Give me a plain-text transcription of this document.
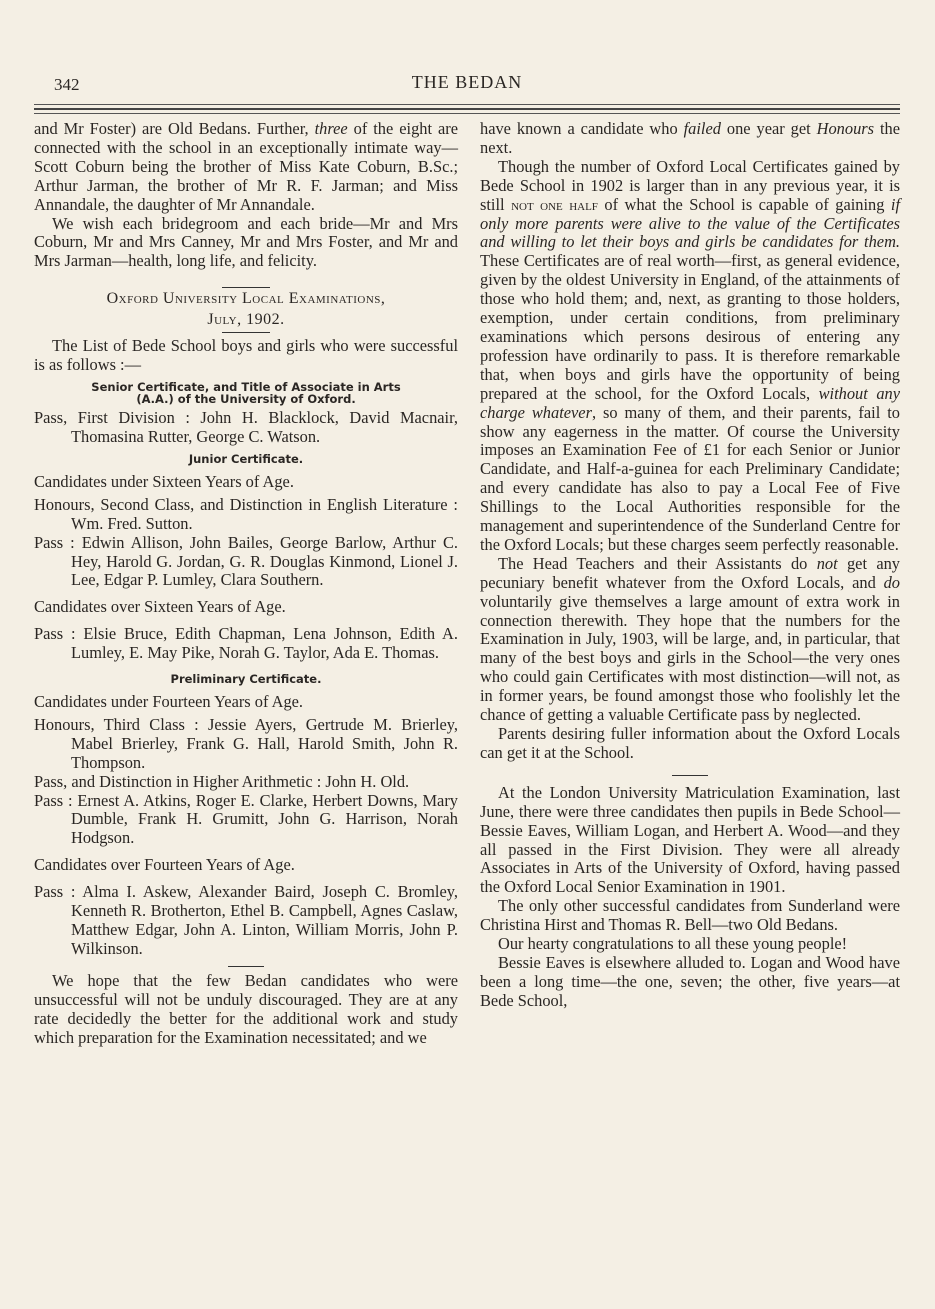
342	THE BEDAN

and Mr Foster) are Old Bedans. Further, three of the eight are connected with the school in an exceptionally intimate way—Scott Coburn being the brother of Miss Kate Coburn, B.Sc.; Arthur Jarman, the brother of Mr R. F. Jarman; and Miss Annandale, the daughter of Mr Annandale.

We wish each bridegroom and each bride—Mr and Mrs Coburn, Mr and Mrs Canney, Mr and Mrs Foster, and Mr and Mrs Jarman—health, long life, and felicity.

Oxford University Local Examinations,
July, 1902.

The List of Bede School boys and girls who were successful is as follows :—

Senior Certificate, and Title of Associate in Arts
(A.A.) of the University of Oxford.

Pass, First Division : John H. Blacklock, David Macnair, Thomasina Rutter, George C. Watson.

Junior Certificate.

Candidates under Sixteen Years of Age.

Honours, Second Class, and Distinction in English Literature : Wm. Fred. Sutton.

Pass : Edwin Allison, John Bailes, George Barlow, Arthur C. Hey, Harold G. Jordan, G. R. Douglas Kinmond, Lionel J. Lee, Edgar P. Lumley, Clara Southern.

Candidates over Sixteen Years of Age.

Pass : Elsie Bruce, Edith Chapman, Lena Johnson, Edith A. Lumley, E. May Pike, Norah G. Taylor, Ada E. Thomas.

Preliminary Certificate.

Candidates under Fourteen Years of Age.

Honours, Third Class : Jessie Ayers, Gertrude M. Brierley, Mabel Brierley, Frank G. Hall, Harold Smith, John R. Thompson.

Pass, and Distinction in Higher Arithmetic : John H. Old.

Pass : Ernest A. Atkins, Roger E. Clarke, Herbert Downs, Mary Dumble, Frank H. Grumitt, John G. Harrison, Norah Hodgson.

Candidates over Fourteen Years of Age.

Pass : Alma I. Askew, Alexander Baird, Joseph C. Bromley, Kenneth R. Brotherton, Ethel B. Campbell, Agnes Caslaw, Matthew Edgar, John A. Linton, William Morris, John P. Wilkinson.

We hope that the few Bedan candidates who were unsuccessful will not be unduly discouraged. They are at any rate decidedly the better for the additional work and study which preparation for the Examination necessitated; and we

have known a candidate who failed one year get Honours the next.

Though the number of Oxford Local Certificates gained by Bede School in 1902 is larger than in any previous year, it is still not one half of what the School is capable of gaining if only more parents were alive to the value of the Certificates and willing to let their boys and girls be candidates for them. These Certificates are of real worth—first, as general evidence, given by the oldest University in England, of the attainments of those who hold them; and, next, as granting to those holders, exemption, under certain conditions, from preliminary examinations which persons desirous of entering any profession have ordinarily to pass. It is therefore remarkable that, when boys and girls have the opportunity of being prepared at the school, for the Oxford Locals, without any charge whatever, so many of them, and their parents, fail to show any eagerness in the matter. Of course the University imposes an Examination Fee of £1 for each Senior or Junior Candidate, and Half-a-guinea for each Preliminary Candidate; and every candidate has also to pay a Local Fee of Five Shillings to the Local Authorities responsible for the management and superintendence of the Sunderland Centre for the Oxford Locals; but these charges seem perfectly reasonable.

The Head Teachers and their Assistants do not get any pecuniary benefit whatever from the Oxford Locals, and do voluntarily give themselves a large amount of extra work in connection therewith. They hope that the numbers for the Examination in July, 1903, will be large, and, in particular, that many of the best boys and girls in the School—the very ones who could gain Certificates with most distinction—will not, as in former years, be found amongst those who foolishly let the chance of getting a valuable Certificate pass by neglected.

Parents desiring fuller information about the Oxford Locals can get it at the School.

At the London University Matriculation Examination, last June, there were three candidates then pupils in Bede School—Bessie Eaves, William Logan, and Herbert A. Wood—and they all passed in the First Division. They were all already Associates in Arts of the University of Oxford, having passed the Oxford Local Senior Examination in 1901.

The only other successful candidates from Sunderland were Christina Hirst and Thomas R. Bell—two Old Bedans.

Our hearty congratulations to all these young people!

Bessie Eaves is elsewhere alluded to. Logan and Wood have been a long time—the one, seven; the other, five years—at Bede School,
